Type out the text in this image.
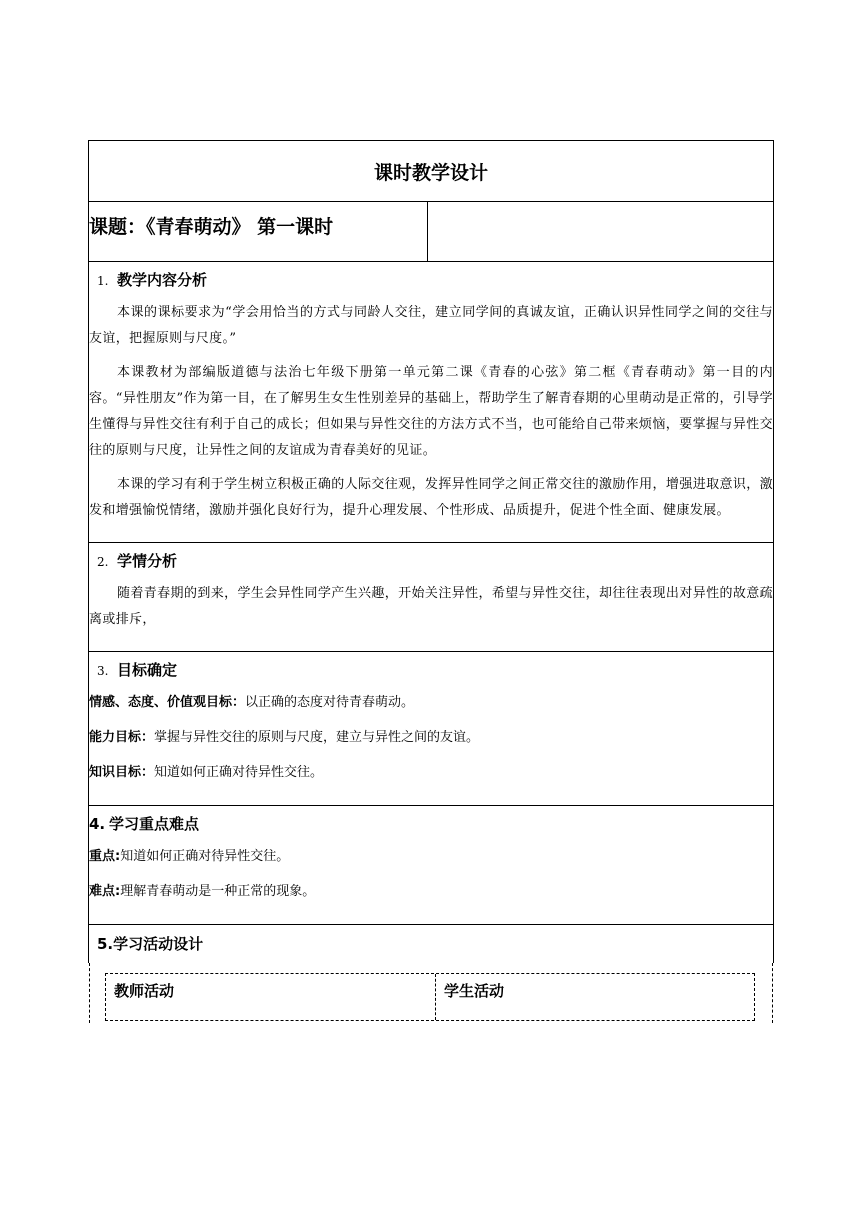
课时教学设计
课题：《青春萌动》 第一课时
1. 教学内容分析

本课的课标要求为“学会用恰当的方式与同龄人交往，建立同学间的真诚友谊，正确认识异性同学之间的交往与友谊，把握原则与尺度。”

本课教材为部编版道德与法治七年级下册第一单元第二课《青春的心弦》第二框《青春萌动》第一目的内容。“异性朋友”作为第一目，在了解男生女生性别差异的基础上，帮助学生了解青春期的心里萌动是正常的，引导学生懂得与异性交往有利于自己的成长；但如果与异性交往的方法方式不当，也可能给自己带来烦恼，要掌握与异性交往的原则与尺度，让异性之间的友谊成为青春美好的见证。

本课的学习有利于学生树立积极正确的人际交往观，发挥异性同学之间正常交往的激励作用，增强进取意识，激发和增强愉悦情绪，激励并强化良好行为，提升心理发展、个性形成、品质提升，促进个性全面、健康发展。

2. 学情分析

随着青春期的到来，学生会异性同学产生兴趣，开始关注异性，希望与异性交往，却往往表现出对异性的故意疏离或排斥，

3. 目标确定
情感、态度、价值观目标：以正确的态度对待青春萌动。
能力目标：掌握与异性交往的原则与尺度，建立与异性之间的友谊。
知识目标：知道如何正确对待异性交往。
4. 学习重点难点
重点:知道如何正确对待异性交往。
难点:理解青春萌动是一种正常的现象。
5.学习活动设计
教师活动	学生活动
